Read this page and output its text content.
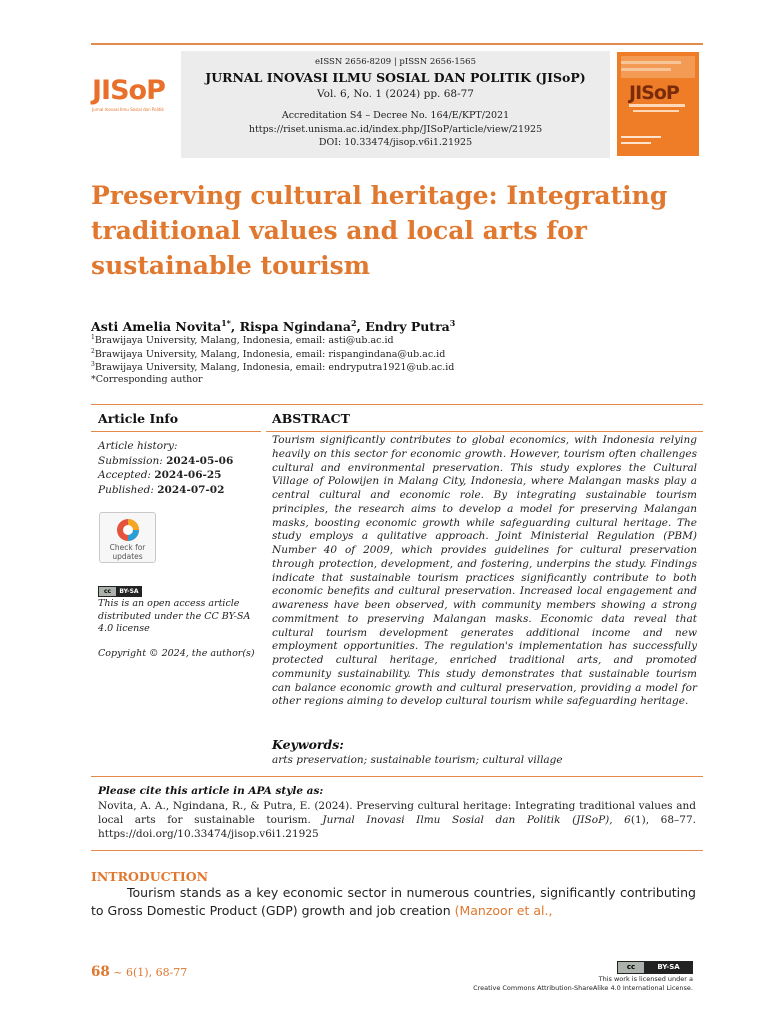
JISoP
Jurnal Inovasi Ilmu Sosial dan Politik
eISSN 2656-8209 | pISSN 2656-1565
JURNAL INOVASI ILMU SOSIAL DAN POLITIK (JISoP)
Vol. 6, No. 1 (2024) pp. 68-77
Accreditation S4 – Decree No. 164/E/KPT/2021
https://riset.unisma.ac.id/index.php/JISoP/article/view/21925
DOI: 10.33474/jisop.v6i1.21925
JISoP
Preserving cultural heritage: Integrating traditional values and local arts for sustainable tourism
Asti Amelia Novita$^{1*}$, Rispa Ngindana$^2$, Endry Putra$^3$
$^1$Brawijaya University, Malang, Indonesia, email: asti@ub.ac.id
$^2$Brawijaya University, Malang, Indonesia, email: rispangindana@ub.ac.id
$^3$Brawijaya University, Malang, Indonesia, email: endryputra1921@ub.ac.id
*Corresponding author
Article Info	ABSTRACT
Article history:
Submission: 2024-05-06
Accepted: 2024-06-25
Published: 2024-07-02
Check for updates
cc	BY-SA
This is an open access article distributed under the CC BY-SA 4.0 license
Copyright © 2024, the author(s)

Tourism significantly contributes to global economics, with Indonesia relying heavily on this sector for economic growth. However, tourism often challenges cultural and environmental preservation. This study explores the Cultural Village of Polowijen in Malang City, Indonesia, where Malangan masks play a central cultural and economic role. By integrating sustainable tourism principles, the research aims to develop a model for preserving Malangan masks, boosting economic growth while safeguarding cultural heritage. The study employs a qulitative approach. Joint Ministerial Regulation (PBM) Number 40 of 2009, which provides guidelines for cultural preservation through protection, development, and fostering, underpins the study. Findings indicate that sustainable tourism practices significantly contribute to both economic benefits and cultural preservation. Increased local engagement and awareness have been observed, with community members showing a strong commitment to preserving Malangan masks. Economic data reveal that cultural tourism development generates additional income and new employment opportunities. The regulation's implementation has successfully protected cultural heritage, enriched traditional arts, and promoted community sustainability. This study demonstrates that sustainable tourism can balance economic growth and cultural preservation, providing a model for other regions aiming to develop cultural tourism while safeguarding heritage.

Keywords:
arts preservation; sustainable tourism; cultural village
Please cite this article in APA style as:

Novita, A. A., Ngindana, R., & Putra, E. (2024). Preserving cultural heritage: Integrating traditional values and local arts for sustainable tourism. Jurnal Inovasi Ilmu Sosial dan Politik (JISoP), 6(1), 68–77. https://doi.org/10.33474/jisop.v6i1.21925

INTRODUCTION

Tourism stands as a key economic sector in numerous countries, significantly contributing to Gross Domestic Product (GDP) growth and job creation (Manzoor et al.,

68 ~ 6(1), 68-77	cc	BY-SA
This work is licensed under a
Creative Commons Attribution-ShareAlike 4.0 International License.
